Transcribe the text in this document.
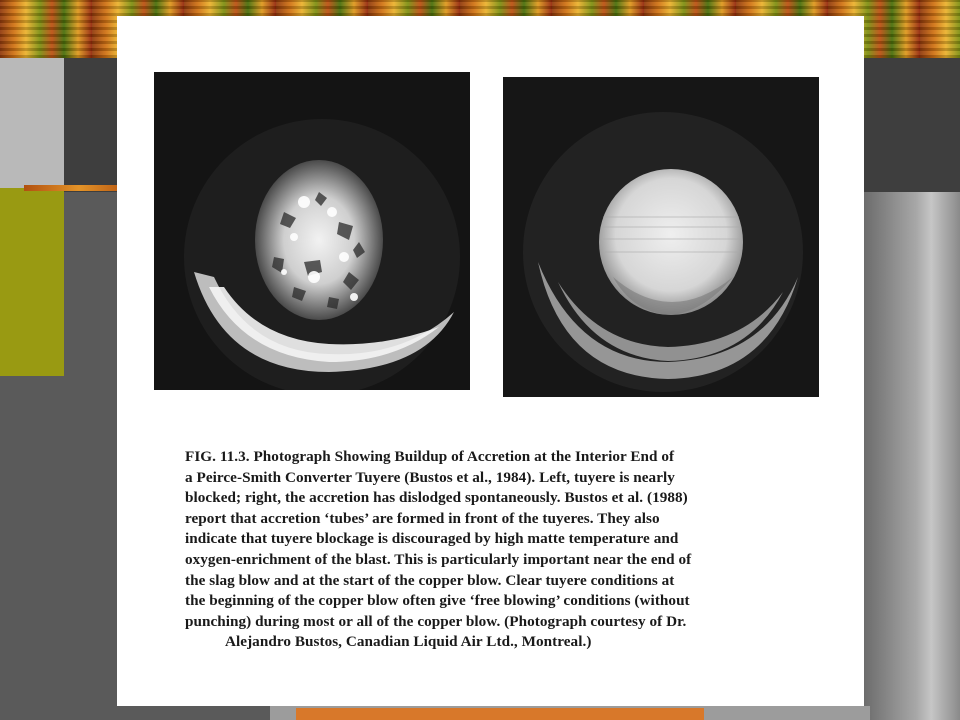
FIG. 11.3. Photograph Showing Buildup of Accretion at the Interior End of
a Peirce-Smith Converter Tuyere (Bustos et al., 1984). Left, tuyere is nearly
blocked; right, the accretion has dislodged spontaneously. Bustos et al. (1988)
report that accretion ‘tubes’ are formed in front of the tuyeres. They also
indicate that tuyere blockage is discouraged by high matte temperature and
oxygen-enrichment of the blast. This is particularly important near the end of
the slag blow and at the start of the copper blow. Clear tuyere conditions at
the beginning of the copper blow often give ‘free blowing’ conditions (without
punching) during most or all of the copper blow. (Photograph courtesy of Dr.
Alejandro Bustos, Canadian Liquid Air Ltd., Montreal.)
